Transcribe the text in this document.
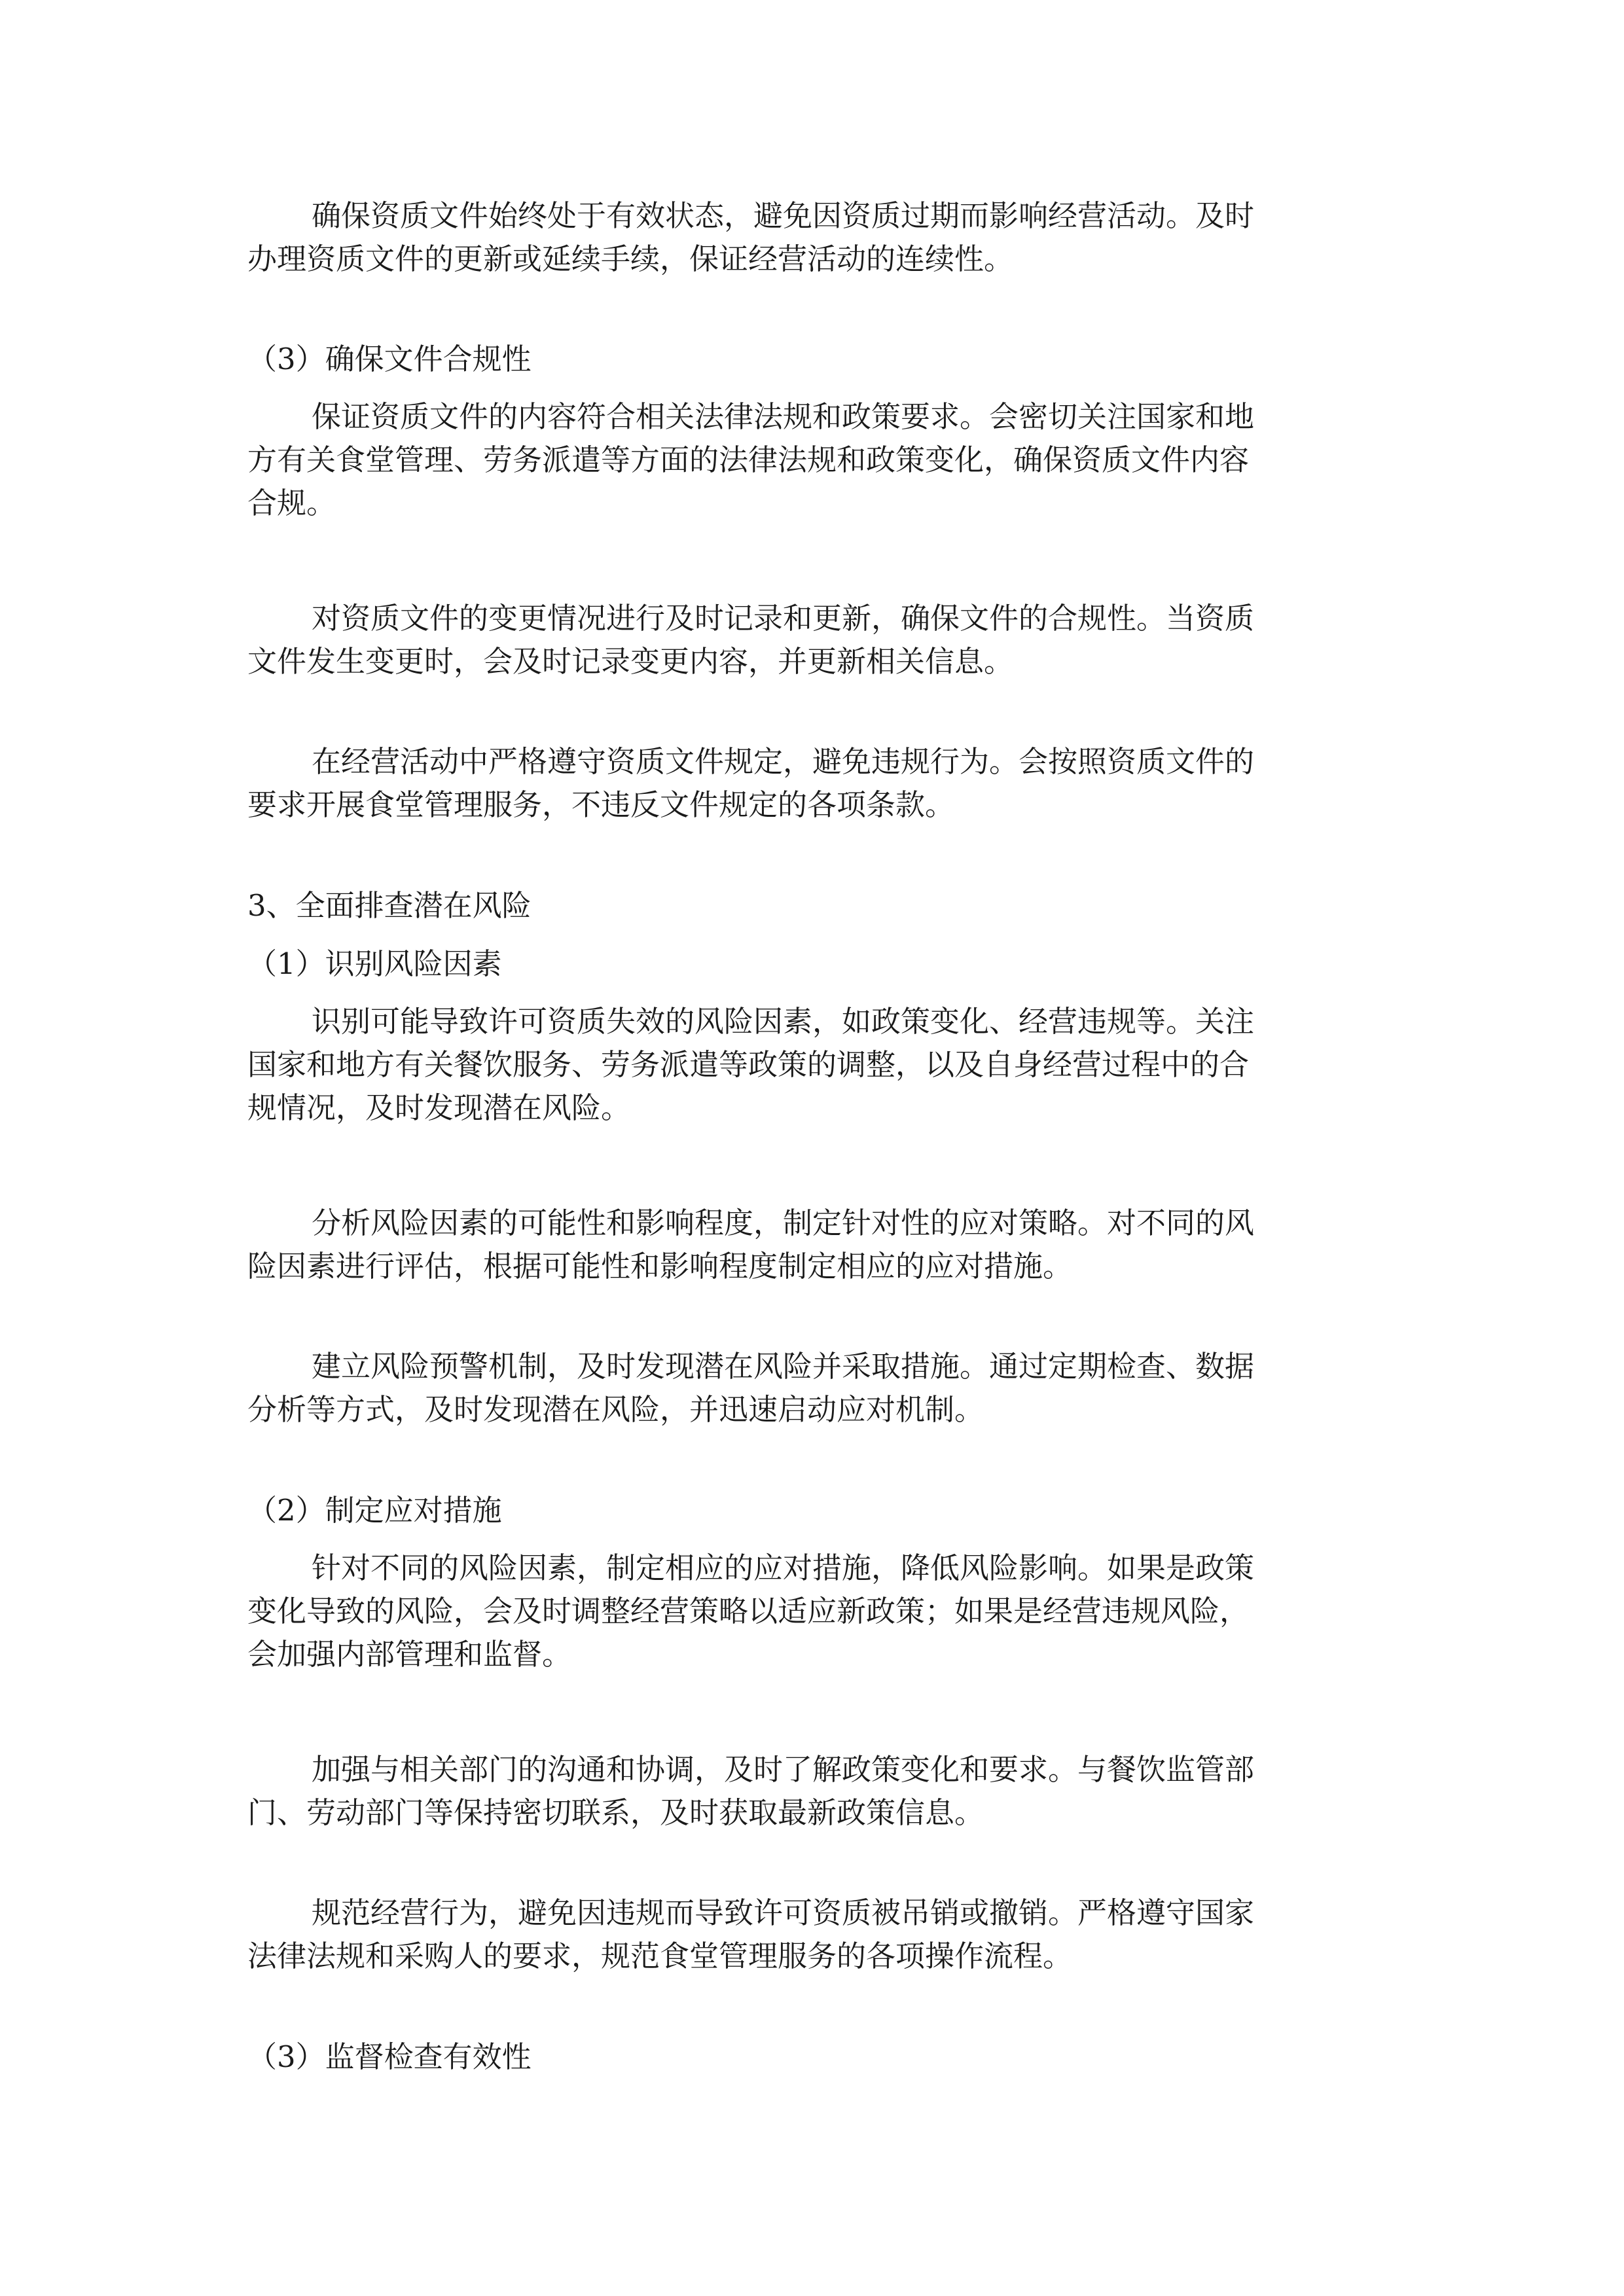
确保资质文件始终处于有效状态，避免因资质过期而影响经营活动。及时
办理资质文件的更新或延续手续，保证经营活动的连续性。
（3）确保文件合规性
保证资质文件的内容符合相关法律法规和政策要求。会密切关注国家和地
方有关食堂管理、劳务派遣等方面的法律法规和政策变化，确保资质文件内容
合规。
对资质文件的变更情况进行及时记录和更新，确保文件的合规性。当资质
文件发生变更时，会及时记录变更内容，并更新相关信息。
在经营活动中严格遵守资质文件规定，避免违规行为。会按照资质文件的
要求开展食堂管理服务，不违反文件规定的各项条款。
3、全面排查潜在风险
（1）识别风险因素
识别可能导致许可资质失效的风险因素，如政策变化、经营违规等。关注
国家和地方有关餐饮服务、劳务派遣等政策的调整，以及自身经营过程中的合
规情况，及时发现潜在风险。
分析风险因素的可能性和影响程度，制定针对性的应对策略。对不同的风
险因素进行评估，根据可能性和影响程度制定相应的应对措施。
建立风险预警机制，及时发现潜在风险并采取措施。通过定期检查、数据
分析等方式，及时发现潜在风险，并迅速启动应对机制。
（2）制定应对措施
针对不同的风险因素，制定相应的应对措施，降低风险影响。如果是政策
变化导致的风险，会及时调整经营策略以适应新政策；如果是经营违规风险，
会加强内部管理和监督。
加强与相关部门的沟通和协调，及时了解政策变化和要求。与餐饮监管部
门、劳动部门等保持密切联系，及时获取最新政策信息。
规范经营行为，避免因违规而导致许可资质被吊销或撤销。严格遵守国家
法律法规和采购人的要求，规范食堂管理服务的各项操作流程。
（3）监督检查有效性
